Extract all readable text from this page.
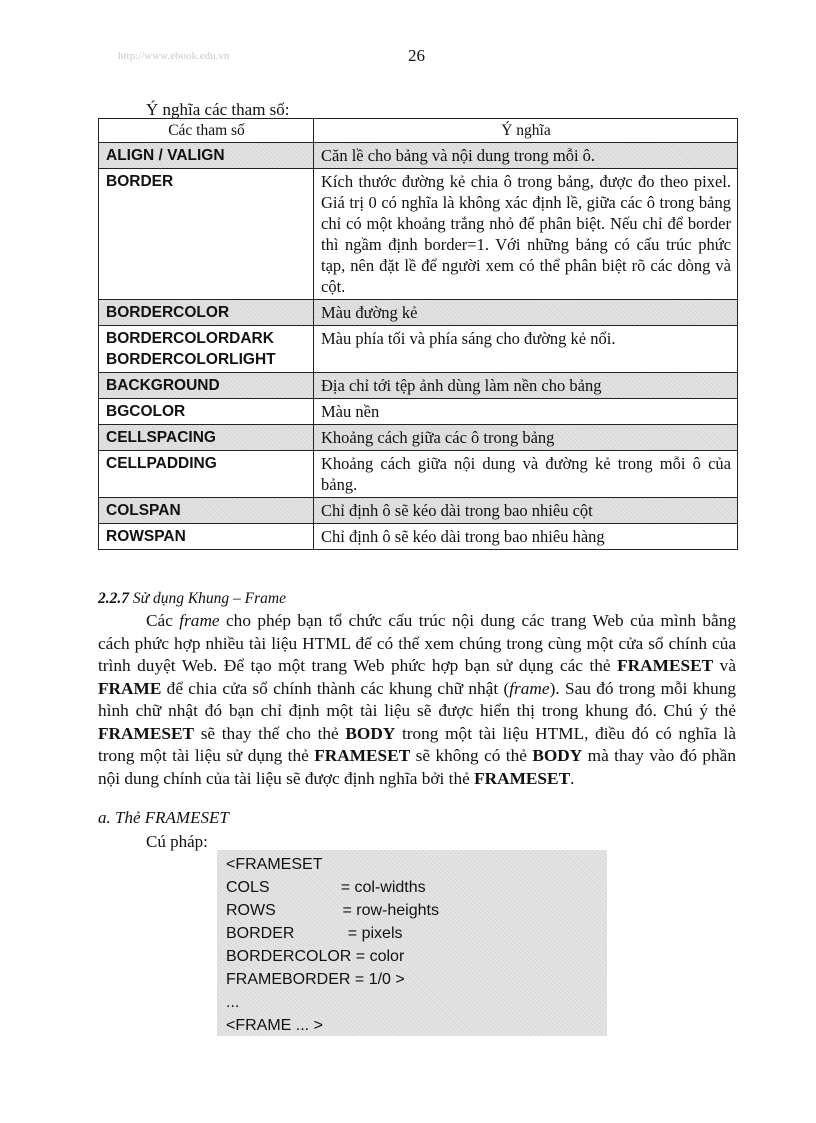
http://www.ebook.edu.vn	26
Ý nghĩa các tham số:
Các tham số	Ý nghĩa
ALIGN / VALIGN	Căn lề cho bảng và nội dung trong mỗi ô.
BORDER	Kích thước đường kẻ chia ô trong bảng, được đo theo pixel. Giá trị 0 có nghĩa là không xác định lề, giữa các ô trong bảng chỉ có một khoảng trắng nhỏ để phân biệt. Nếu chỉ để border thì ngầm định border=1. Với những bảng có cấu trúc phức tạp, nên đặt lề để người xem có thể phân biệt rõ các dòng và cột.
BORDERCOLOR	Màu đường kẻ

BORDERCOLORDARK
BORDERCOLORLIGHT	Màu phía tối và phía sáng cho đường kẻ nổi.
BACKGROUND	Địa chỉ tới tệp ảnh dùng làm nền cho bảng
BGCOLOR	Màu nền
CELLSPACING	Khoảng cách giữa các ô trong bảng
CELLPADDING	Khoảng cách giữa nội dung và đường kẻ trong mỗi ô của bảng.
COLSPAN	Chỉ định ô sẽ kéo dài trong bao nhiêu cột
ROWSPAN	Chỉ định ô sẽ kéo dài trong bao nhiêu hàng
2.2.7 Sử dụng Khung – Frame
Các frame cho phép bạn tổ chức cấu trúc nội dung các trang Web của mình bằng cách phức hợp nhiều tài liệu HTML để có thể xem chúng trong cùng một cửa sổ chính của trình duyệt Web. Để tạo một trang Web phức hợp bạn sử dụng các thẻ FRAMESET và FRAME để chia cửa sổ chính thành các khung chữ nhật (frame). Sau đó trong mỗi khung hình chữ nhật đó bạn chỉ định một tài liệu sẽ được hiển thị trong khung đó. Chú ý thẻ FRAMESET sẽ thay thế cho thẻ BODY trong một tài liệu HTML, điều đó có nghĩa là trong một tài liệu sử dụng thẻ FRAMESET sẽ không có thẻ BODY mà thay vào đó phần nội dung chính của tài liệu sẽ được định nghĩa bởi thẻ FRAMESET.
a. Thẻ FRAMESET
Cú pháp:
<FRAMESET
COLS                = col-widths
ROWS               = row-heights
BORDER            = pixels
BORDERCOLOR = color
FRAMEBORDER = 1/0 >
...
<FRAME ... >
